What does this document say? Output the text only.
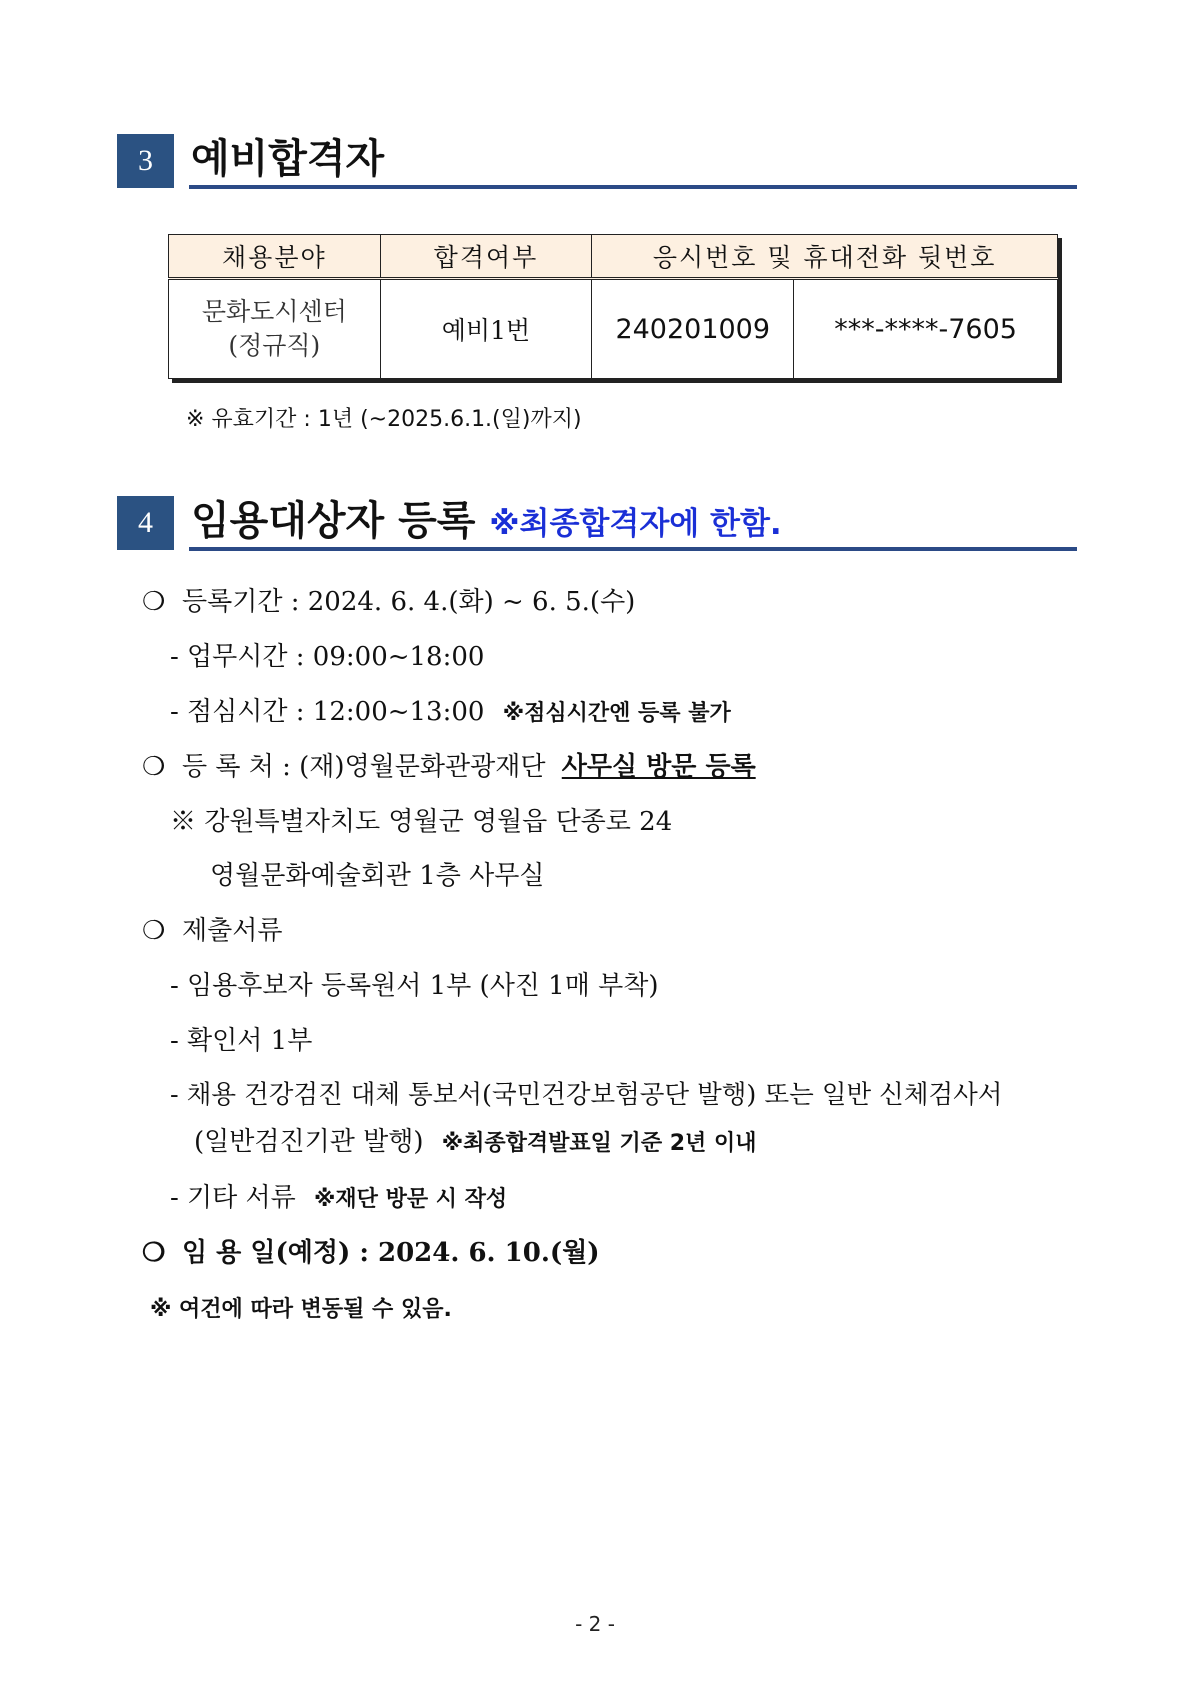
3 예비합격자
채용분야	합격여부	응시번호 및 휴대전화 뒷번호	

문화도시센터
(정규직)	예비1번	240201009	***-****-7605
※ 유효기간 : 1년 (~2025.6.1.(일)까지)
4 임용대상자 등록 ※최종합격자에 한함.
❍ 등록기간 : 2024. 6. 4.(화) ~ 6. 5.(수)
- 업무시간 : 09:00~18:00
- 점심시간 : 12:00~13:00 ※점심시간엔 등록 불가
❍ 등 록 처 : (재)영월문화관광재단 사무실 방문 등록
※ 강원특별자치도 영월군 영월읍 단종로 24
영월문화예술회관 1층 사무실
❍ 제출서류
- 임용후보자 등록원서 1부 (사진 1매 부착)
- 확인서 1부
- 채용 건강검진 대체 통보서(국민건강보험공단 발행) 또는 일반 신체검사서
(일반검진기관 발행) ※최종합격발표일 기준 2년 이내
- 기타 서류 ※재단 방문 시 작성
❍ 임 용 일(예정) : 2024. 6. 10.(월)
※ 여건에 따라 변동될 수 있음.
- 2 -
